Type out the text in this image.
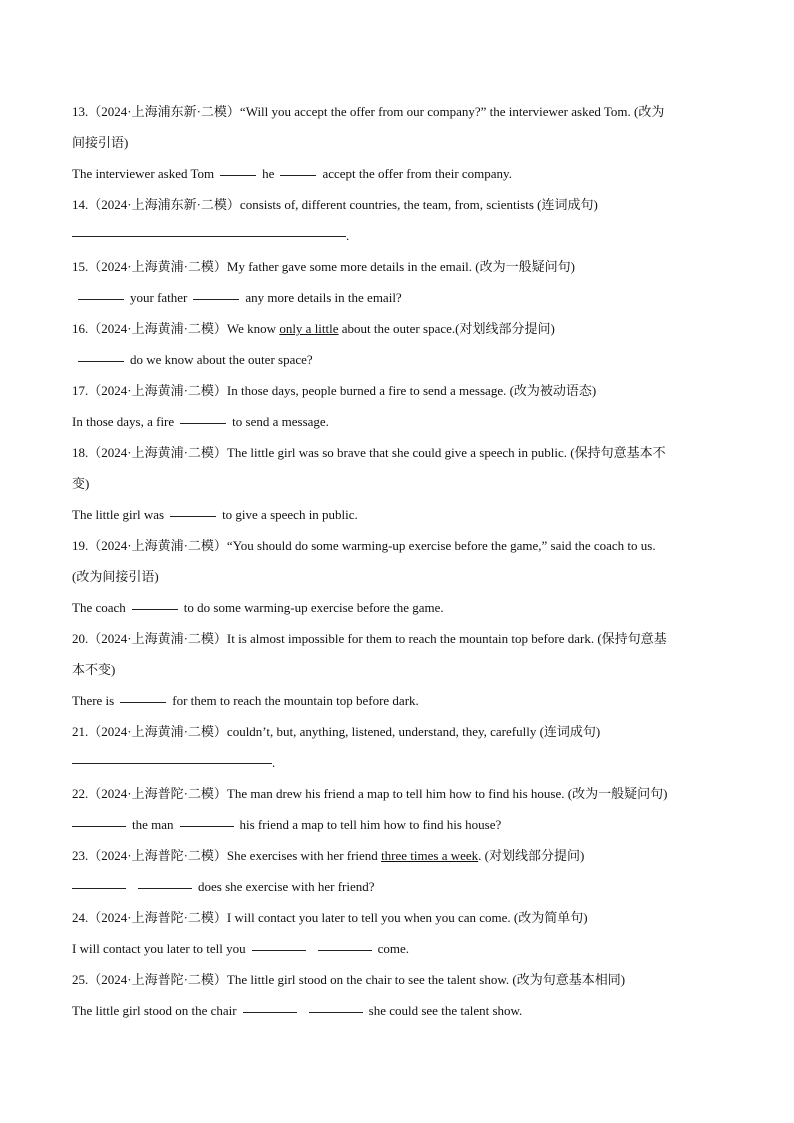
13.（2024·上海浦东新·二模）“Will you accept the offer from our company?” the interviewer asked Tom. (改为
间接引语)
The interviewer asked Tom	he	accept the offer from their company.
14.（2024·上海浦东新·二模）consists of, different countries, the team, from, scientists (连词成句)
.
15.（2024·上海黄浦·二模）My father gave some more details in the email. (改为一般疑问句)
your father	any more details in the email?
16.（2024·上海黄浦·二模）We know only a little about the outer space.(对划线部分提问)
do we know about the outer space?
17.（2024·上海黄浦·二模）In those days, people burned a fire to send a message. (改为被动语态)
In those days, a fire	to send a message.
18.（2024·上海黄浦·二模）The little girl was so brave that she could give a speech in public. (保持句意基本不
变)
The little girl was	to give a speech in public.
19.（2024·上海黄浦·二模）“You should do some warming-up exercise before the game,” said the coach to us.
(改为间接引语)
The coach	to do some warming-up exercise before the game.
20.（2024·上海黄浦·二模）It is almost impossible for them to reach the mountain top before dark. (保持句意基
本不变)
There is	for them to reach the mountain top before dark.
21.（2024·上海黄浦·二模）couldn’t, but, anything, listened, understand, they, carefully (连词成句)
.
22.（2024·上海普陀·二模）The man drew his friend a map to tell him how to find his house. (改为一般疑问句)
the man	his friend a map to tell him how to find his house?
23.（2024·上海普陀·二模）She exercises with her friend three times a week. (对划线部分提问)
does she exercise with her friend?
24.（2024·上海普陀·二模）I will contact you later to tell you when you can come. (改为简单句)
I will contact you later to tell you	come.
25.（2024·上海普陀·二模）The little girl stood on the chair to see the talent show. (改为句意基本相同)
The little girl stood on the chair	she could see the talent show.
